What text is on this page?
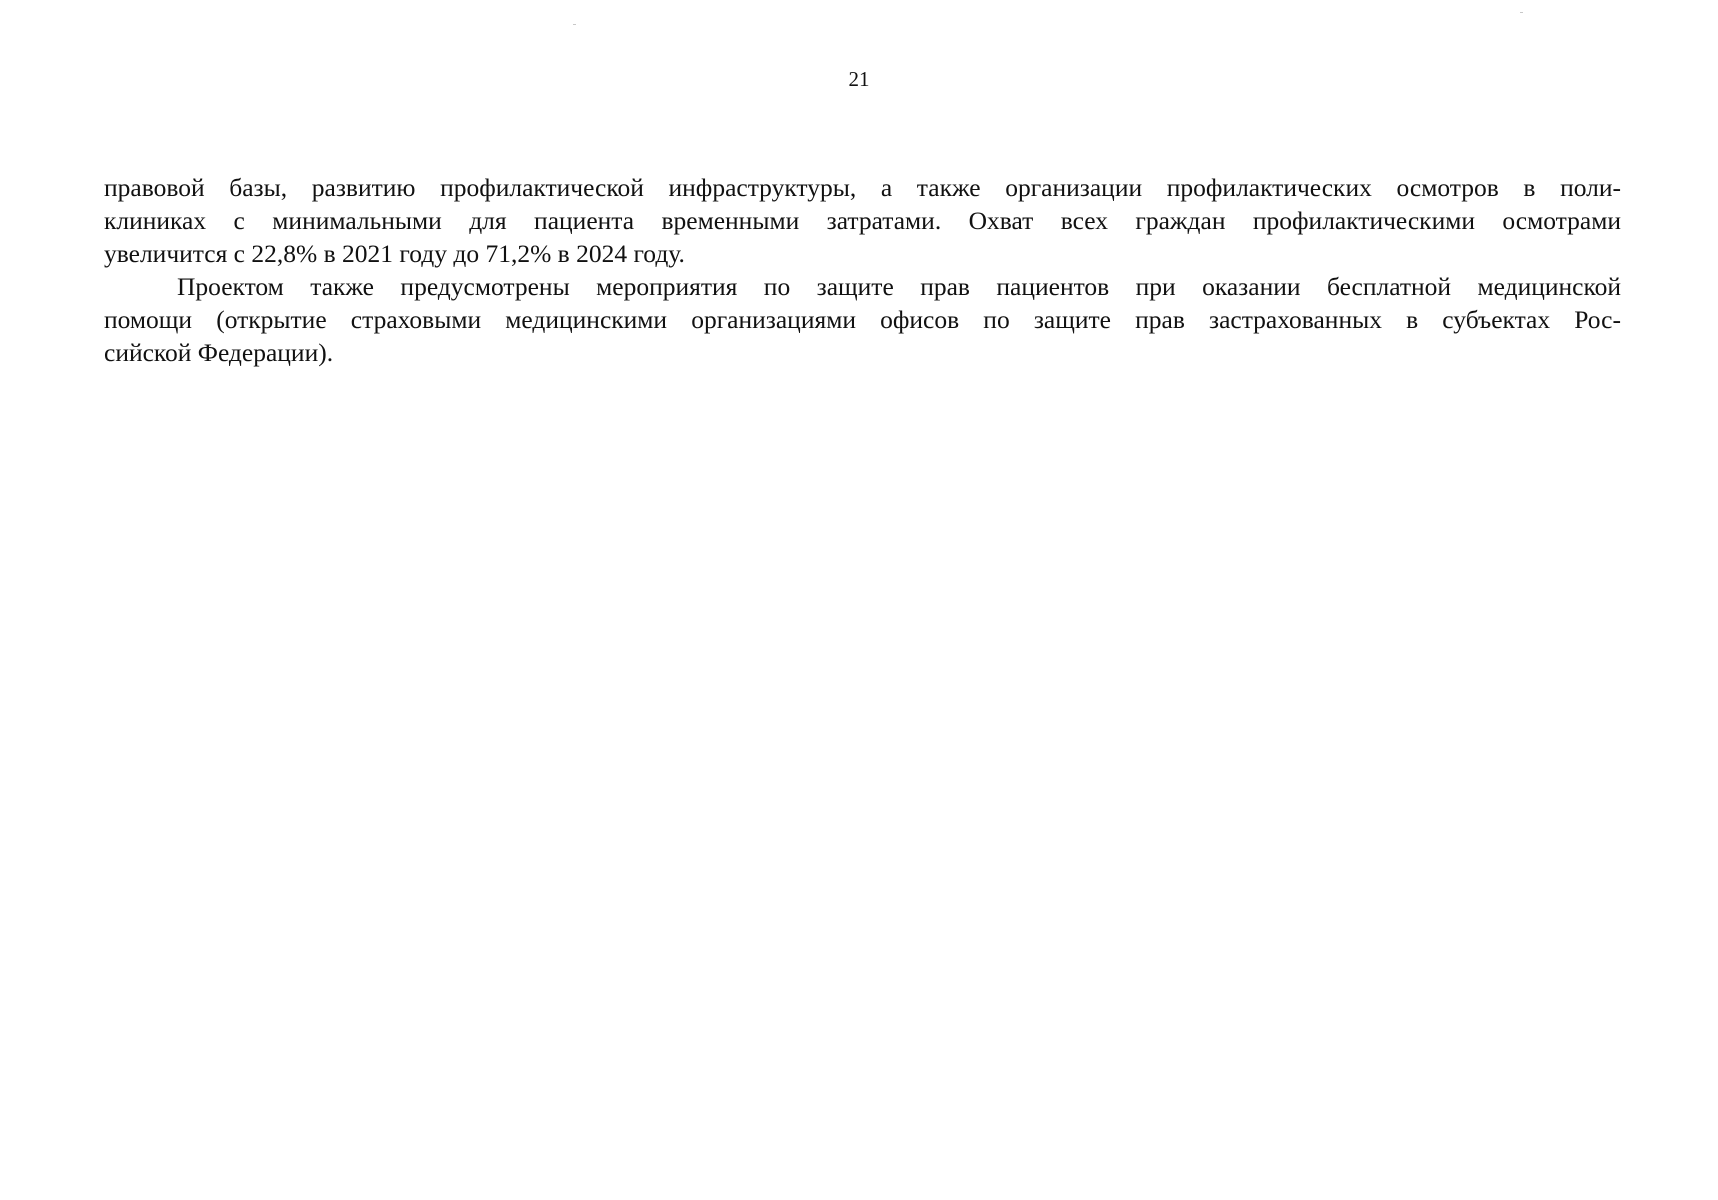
21
правовой базы, развитию профилактической инфраструктуры, а также организации профилактических осмотров в поли-
клиниках с минимальными для пациента временными затратами. Охват всех граждан профилактическими осмотрами
увеличится с 22,8% в 2021 году до 71,2% в 2024 году.
Проектом также предусмотрены мероприятия по защите прав пациентов при оказании бесплатной медицинской
помощи (открытие страховыми медицинскими организациями офисов по защите прав застрахованных в субъектах Рос-
сийской Федерации).
